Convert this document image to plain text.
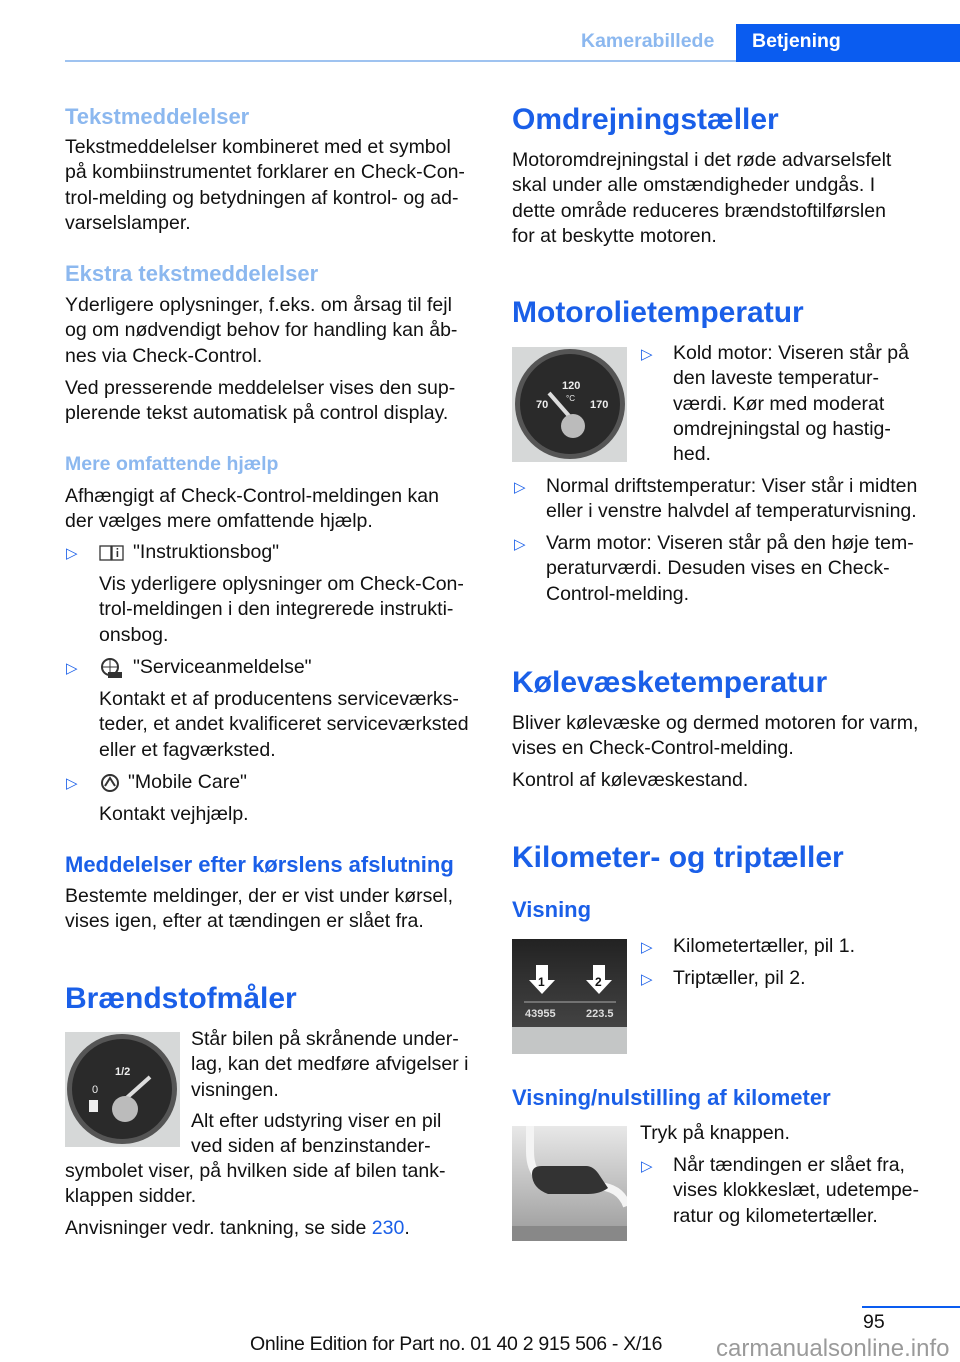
Kamerabillede Betjening
Tekstmeddelelser
Tekstmeddelelser kombineret med et symbol
på kombiinstrumentet forklarer en Check-Con-
trol-melding og betydningen af kontrol- og ad-
varselslamper.
Ekstra tekstmeddelelser
Yderligere oplysninger, f.eks. om årsag til fejl
og om nødvendigt behov for handling kan åb-
nes via Check-Control.
Ved presserende meddelelser vises den sup-
plerende tekst automatisk på control display.
Mere omfattende hjælp
Afhængigt af Check-Control-meldingen kan
der vælges mere omfattende hjælp.
▷	"Instruktionsbog"
Vis yderligere oplysninger om Check-Con-
trol-meldingen i den integrerede instrukti-
onsbog.
▷	"Serviceanmeldelse"
Kontakt et af producentens serviceværks-
teder, et andet kvalificeret serviceværksted
eller et fagværksted.
▷	"Mobile Care"
Kontakt vejhjælp.
Meddelelser efter kørslens afslutning
Bestemte meldinger, der er vist under kørsel,
vises igen, efter at tændingen er slået fra.
Brændstofmåler
1/2
0
Står bilen på skrånende under-
lag, kan det medføre afvigelser i
visningen.
Alt efter udstyring viser en pil
ved siden af benzinstander-
symbolet viser, på hvilken side af bilen tank-
klappen sidder.
Anvisninger vedr. tankning, se side 230.
Omdrejningstæller
Motoromdrejningstal i det røde advarselsfelt
skal under alle omstændigheder undgås. I
dette område reduceres brændstoftilførslen
for at beskytte motoren.
Motorolietemperatur
120
°C
70	170
▷ Kold motor: Viseren står på
den laveste temperatur-
værdi. Kør med moderat
omdrejningstal og hastig-
hed.
▷ Normal driftstemperatur: Viser står i midten
eller i venstre halvdel af temperaturvisning.
▷ Varm motor: Viseren står på den høje tem-
peraturværdi. Desuden vises en Check-
Control-melding.
Kølevæsketemperatur
Bliver kølevæske og dermed motoren for varm,
vises en Check-Control-melding.
Kontrol af kølevæskestand.
Kilometer- og triptæller
Visning
1	2
43955	223.5
▷ Kilometertæller, pil 1.
▷ Triptæller, pil 2.
Visning/nulstilling af kilometer
Tryk på knappen.
▷ Når tændingen er slået fra,
vises klokkeslæt, udetempe-
ratur og kilometertæller.
95
Online Edition for Part no. 01 40 2 915 506 - X/16 carmanualsonline.info
